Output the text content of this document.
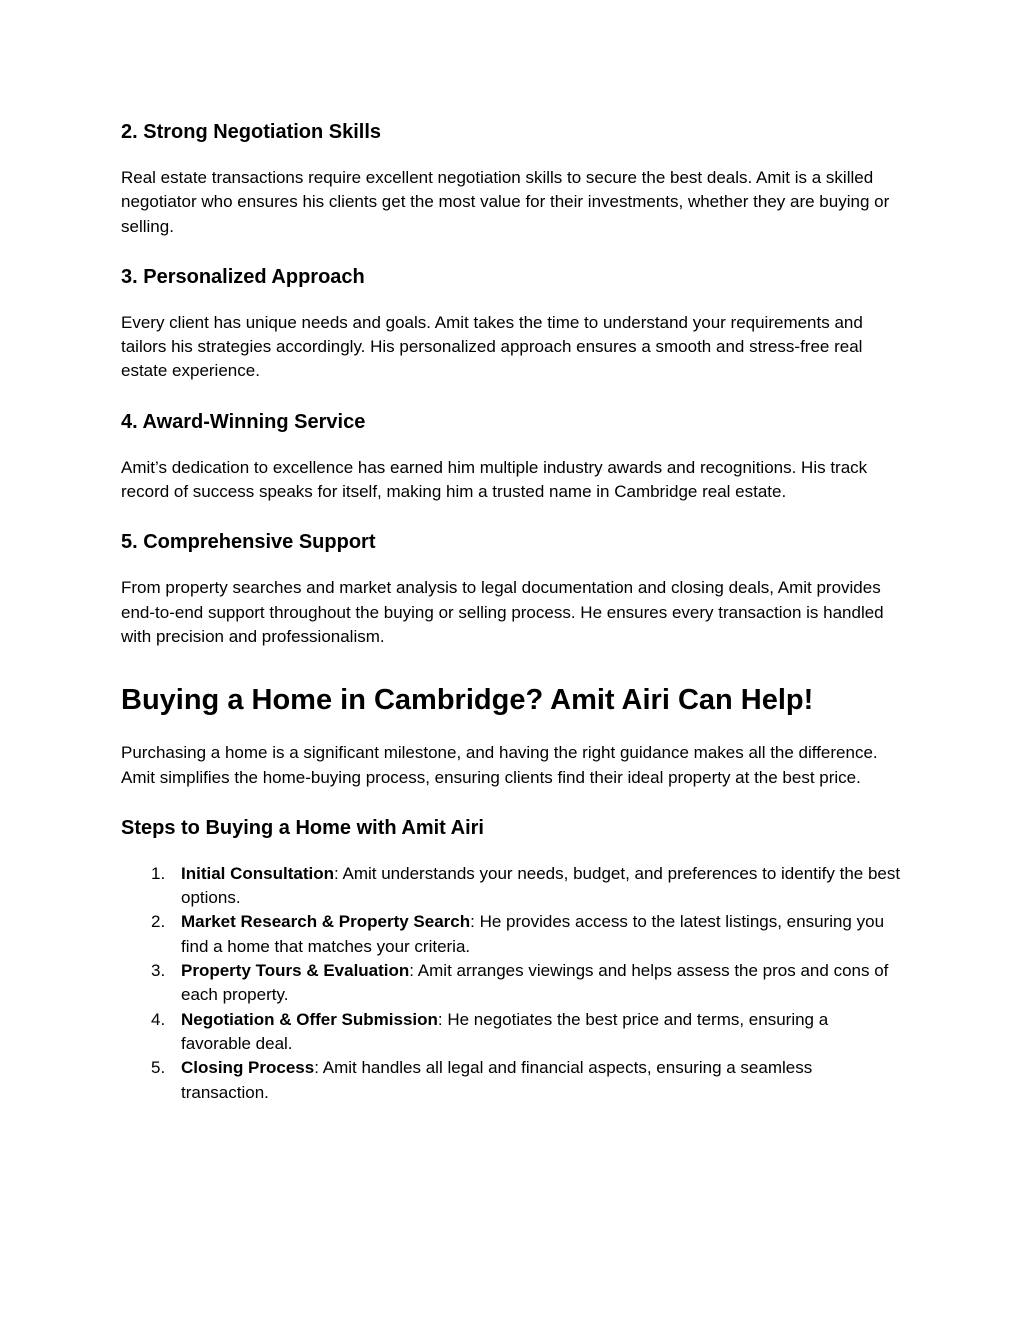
2. Strong Negotiation Skills

Real estate transactions require excellent negotiation skills to secure the best deals. Amit is a skilled negotiator who ensures his clients get the most value for their investments, whether they are buying or selling.

3. Personalized Approach

Every client has unique needs and goals. Amit takes the time to understand your requirements and tailors his strategies accordingly. His personalized approach ensures a smooth and stress-free real estate experience.

4. Award-Winning Service

Amit’s dedication to excellence has earned him multiple industry awards and recognitions. His track record of success speaks for itself, making him a trusted name in Cambridge real estate.

5. Comprehensive Support

From property searches and market analysis to legal documentation and closing deals, Amit provides end-to-end support throughout the buying or selling process. He ensures every transaction is handled with precision and professionalism.

Buying a Home in Cambridge? Amit Airi Can Help!

Purchasing a home is a significant milestone, and having the right guidance makes all the difference. Amit simplifies the home-buying process, ensuring clients find their ideal property at the best price.

Steps to Buying a Home with Amit Airi
1. Initial Consultation: Amit understands your needs, budget, and preferences to identify the best options.
2. Market Research & Property Search: He provides access to the latest listings, ensuring you find a home that matches your criteria.
3. Property Tours & Evaluation: Amit arranges viewings and helps assess the pros and cons of each property.
4. Negotiation & Offer Submission: He negotiates the best price and terms, ensuring a favorable deal.
5. Closing Process: Amit handles all legal and financial aspects, ensuring a seamless transaction.
